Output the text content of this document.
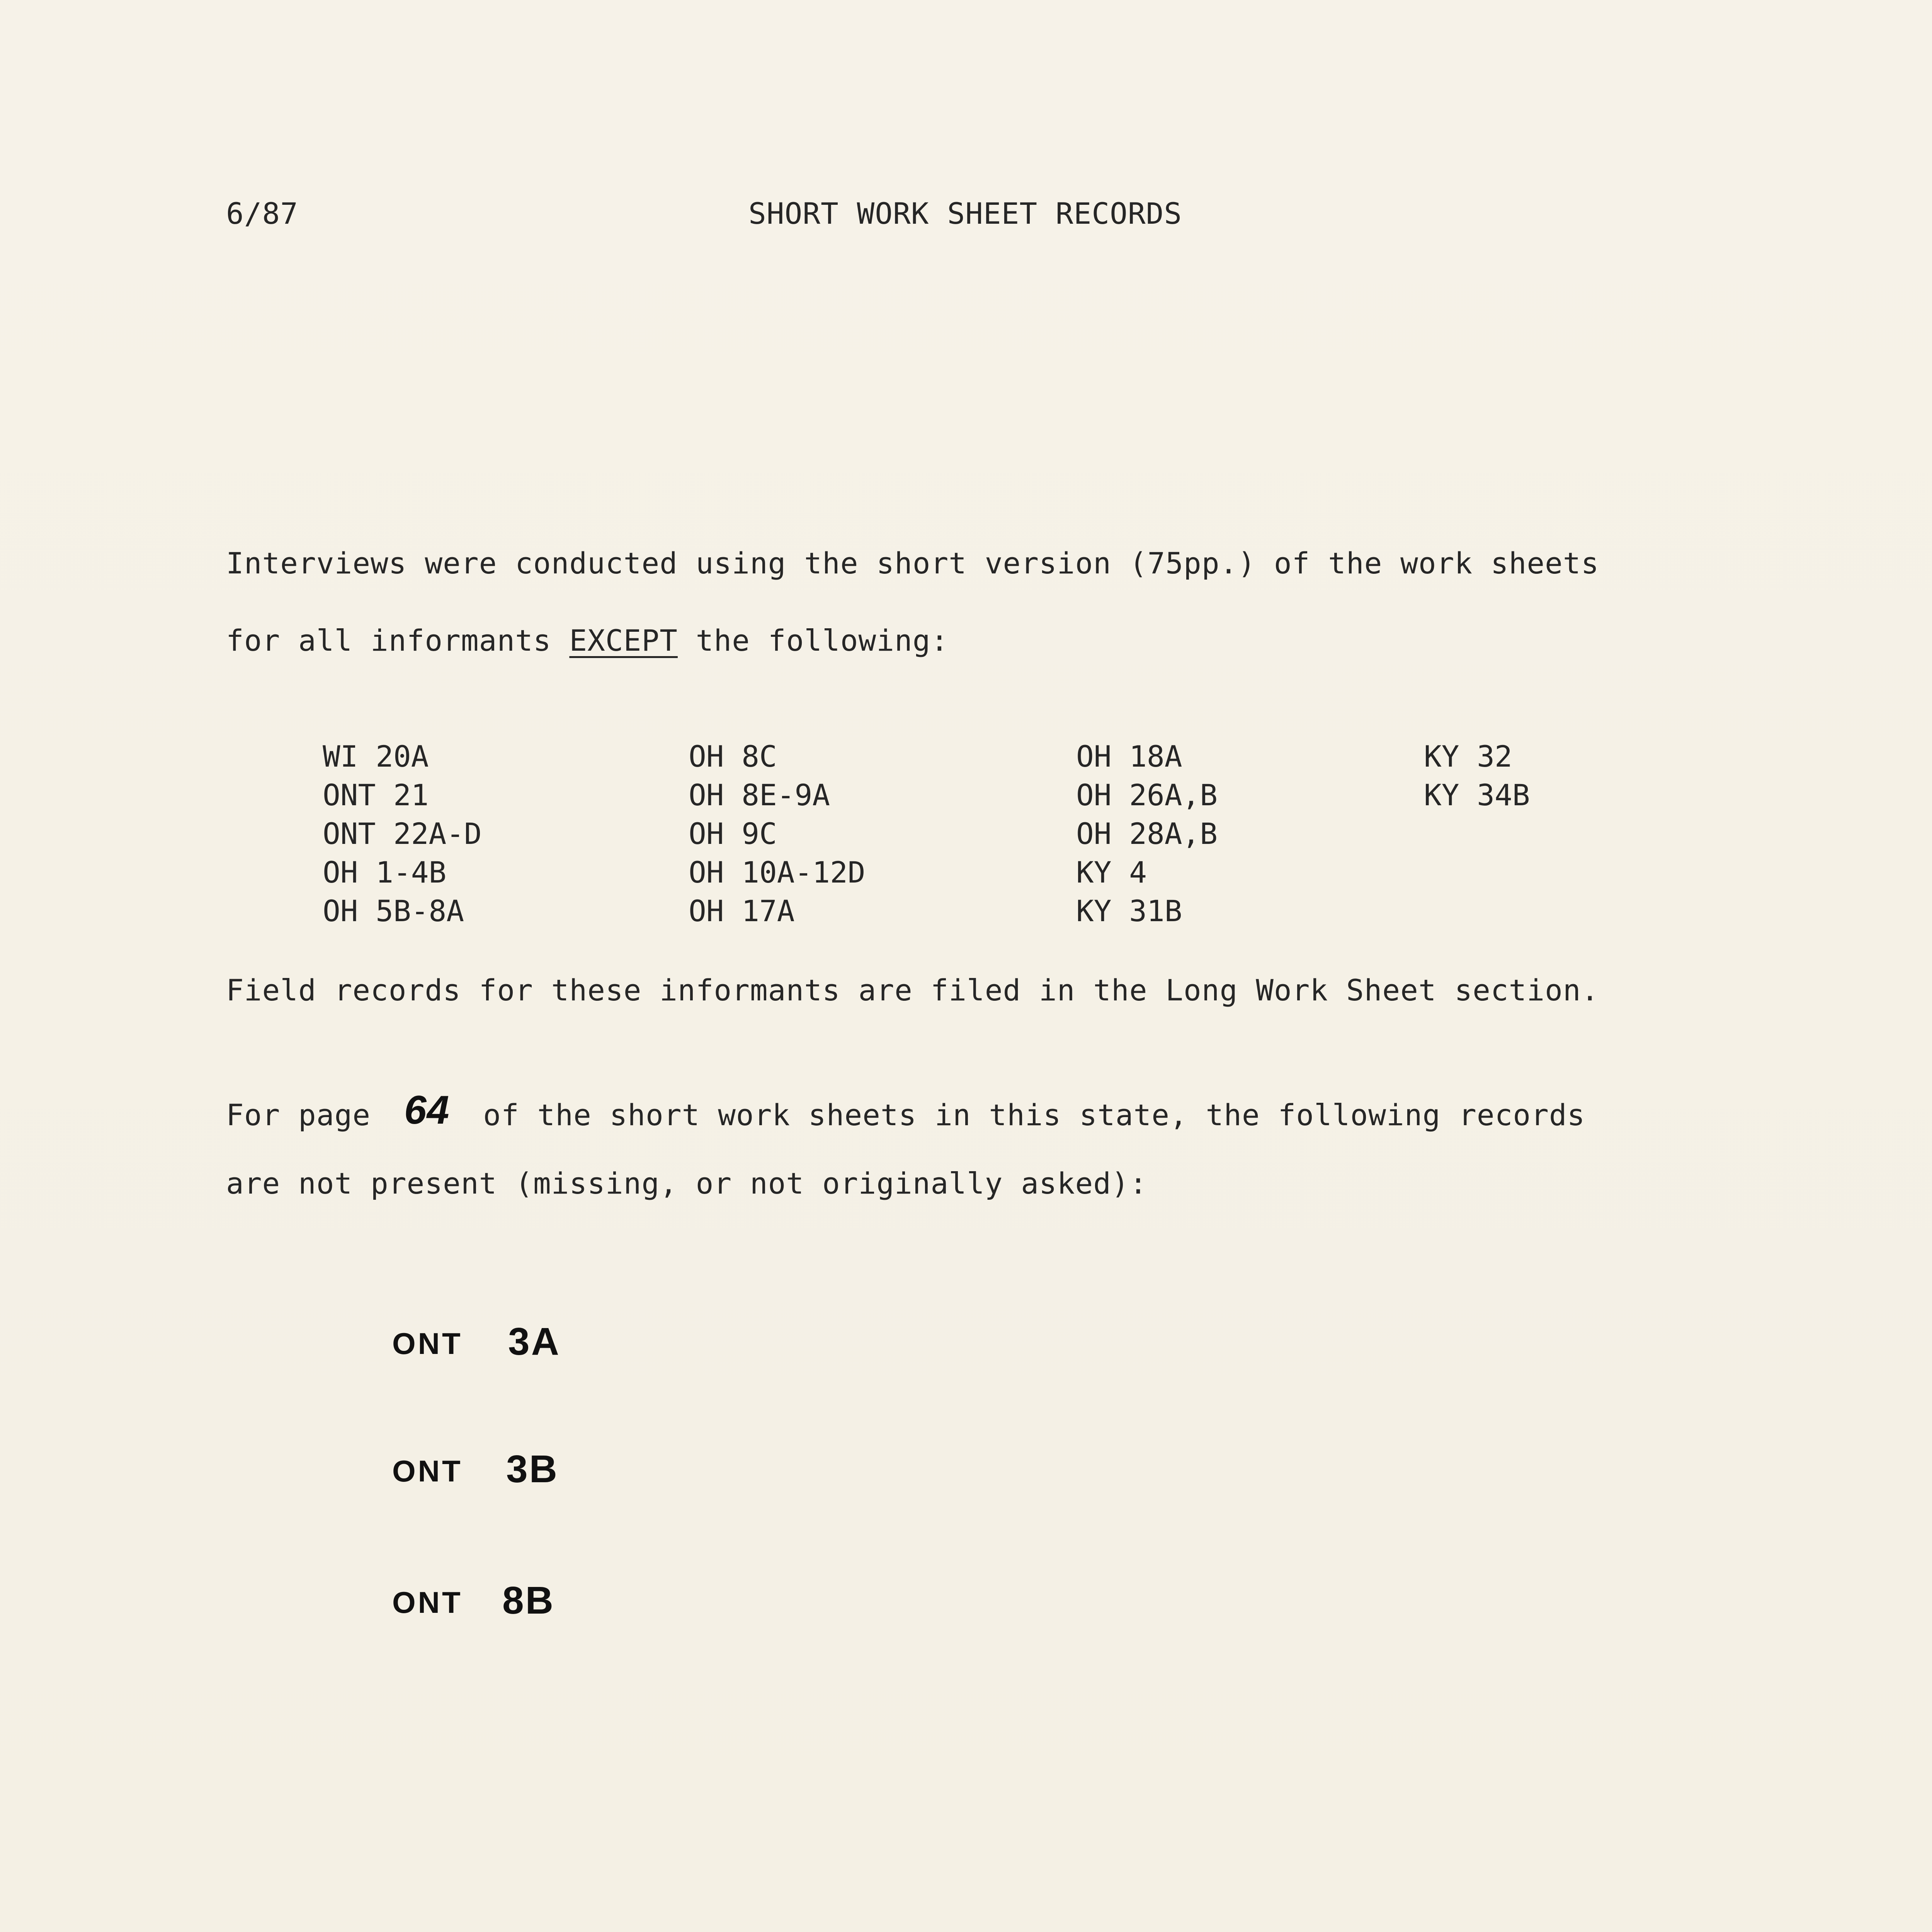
6/87	SHORT WORK SHEET RECORDS
Interviews were conducted using the short version (75pp.) of the work sheets
for all informants EXCEPT the following:
WI 20A
ONT 21
ONT 22A-D
OH 1-4B
OH 5B-8A
OH 8C
OH 8E-9A
OH 9C
OH 10A-12D
OH 17A
OH 18A
OH 26A,B
OH 28A,B
KY 4
KY 31B
KY 32
KY 34B
Field records for these informants are filed in the Long Work Sheet section.
For page 64 of the short work sheets in this state, the following records
are not present (missing, or not originally asked):
ONT 3A
ONT 3B
ONT 8B
